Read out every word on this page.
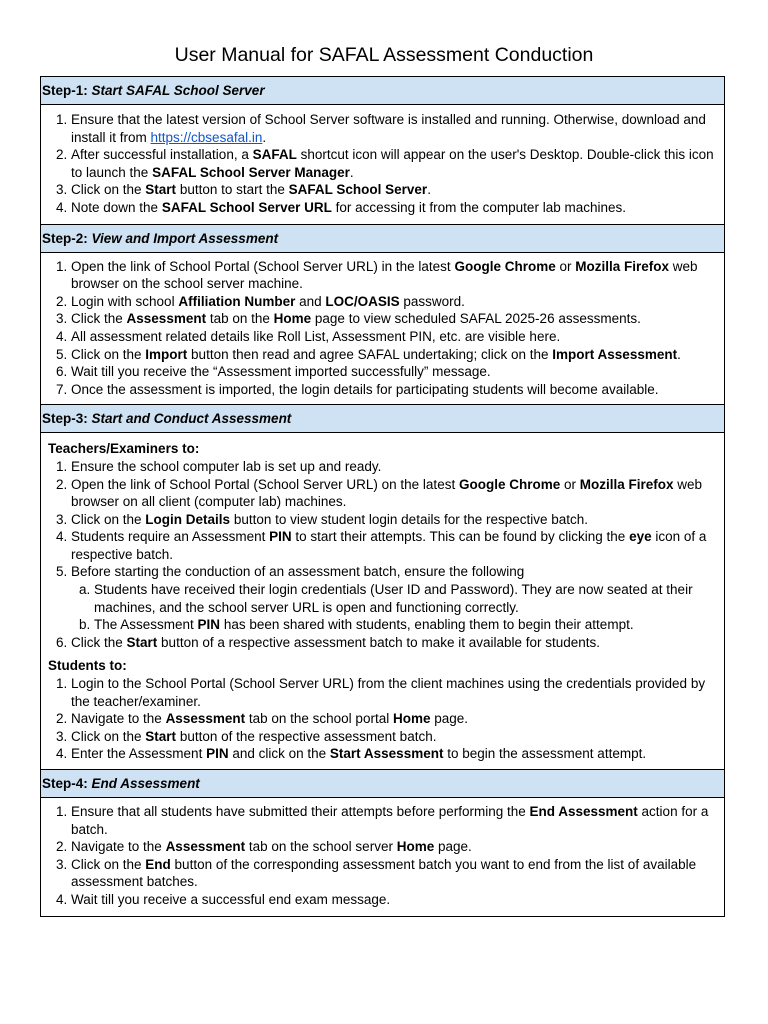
User Manual for SAFAL Assessment Conduction
Step-1: Start SAFAL School Server
1. Ensure that the latest version of School Server software is installed and running. Otherwise, download and install it from https://cbsesafal.in.
2. After successful installation, a SAFAL shortcut icon will appear on the user's Desktop. Double-click this icon to launch the SAFAL School Server Manager.
3. Click on the Start button to start the SAFAL School Server.
4. Note down the SAFAL School Server URL for accessing it from the computer lab machines.
Step-2: View and Import Assessment
1. Open the link of School Portal (School Server URL) in the latest Google Chrome or Mozilla Firefox web browser on the school server machine.
2. Login with school Affiliation Number and LOC/OASIS password.
3. Click the Assessment tab on the Home page to view scheduled SAFAL 2025-26 assessments.
4. All assessment related details like Roll List, Assessment PIN, etc. are visible here.
5. Click on the Import button then read and agree SAFAL undertaking; click on the Import Assessment.
6. Wait till you receive the “Assessment imported successfully” message.
7. Once the assessment is imported, the login details for participating students will become available.
Step-3: Start and Conduct Assessment
Teachers/Examiners to:
1. Ensure the school computer lab is set up and ready.
2. Open the link of School Portal (School Server URL) on the latest Google Chrome or Mozilla Firefox web browser on all client (computer lab) machines.
3. Click on the Login Details button to view student login details for the respective batch.
4. Students require an Assessment PIN to start their attempts. This can be found by clicking the eye icon of a respective batch.
5. Before starting the conduction of an assessment batch, ensure the following
a. Students have received their login credentials (User ID and Password). They are now seated at their machines, and the school server URL is open and functioning correctly.
b. The Assessment PIN has been shared with students, enabling them to begin their attempt.
6. Click the Start button of a respective assessment batch to make it available for students.
Students to:
1. Login to the School Portal (School Server URL) from the client machines using the credentials provided by the teacher/examiner.
2. Navigate to the Assessment tab on the school portal Home page.
3. Click on the Start button of the respective assessment batch.
4. Enter the Assessment PIN and click on the Start Assessment to begin the assessment attempt.
Step-4: End Assessment
1. Ensure that all students have submitted their attempts before performing the End Assessment action for a batch.
2. Navigate to the Assessment tab on the school server Home page.
3. Click on the End button of the corresponding assessment batch you want to end from the list of available assessment batches.
4. Wait till you receive a successful end exam message.
